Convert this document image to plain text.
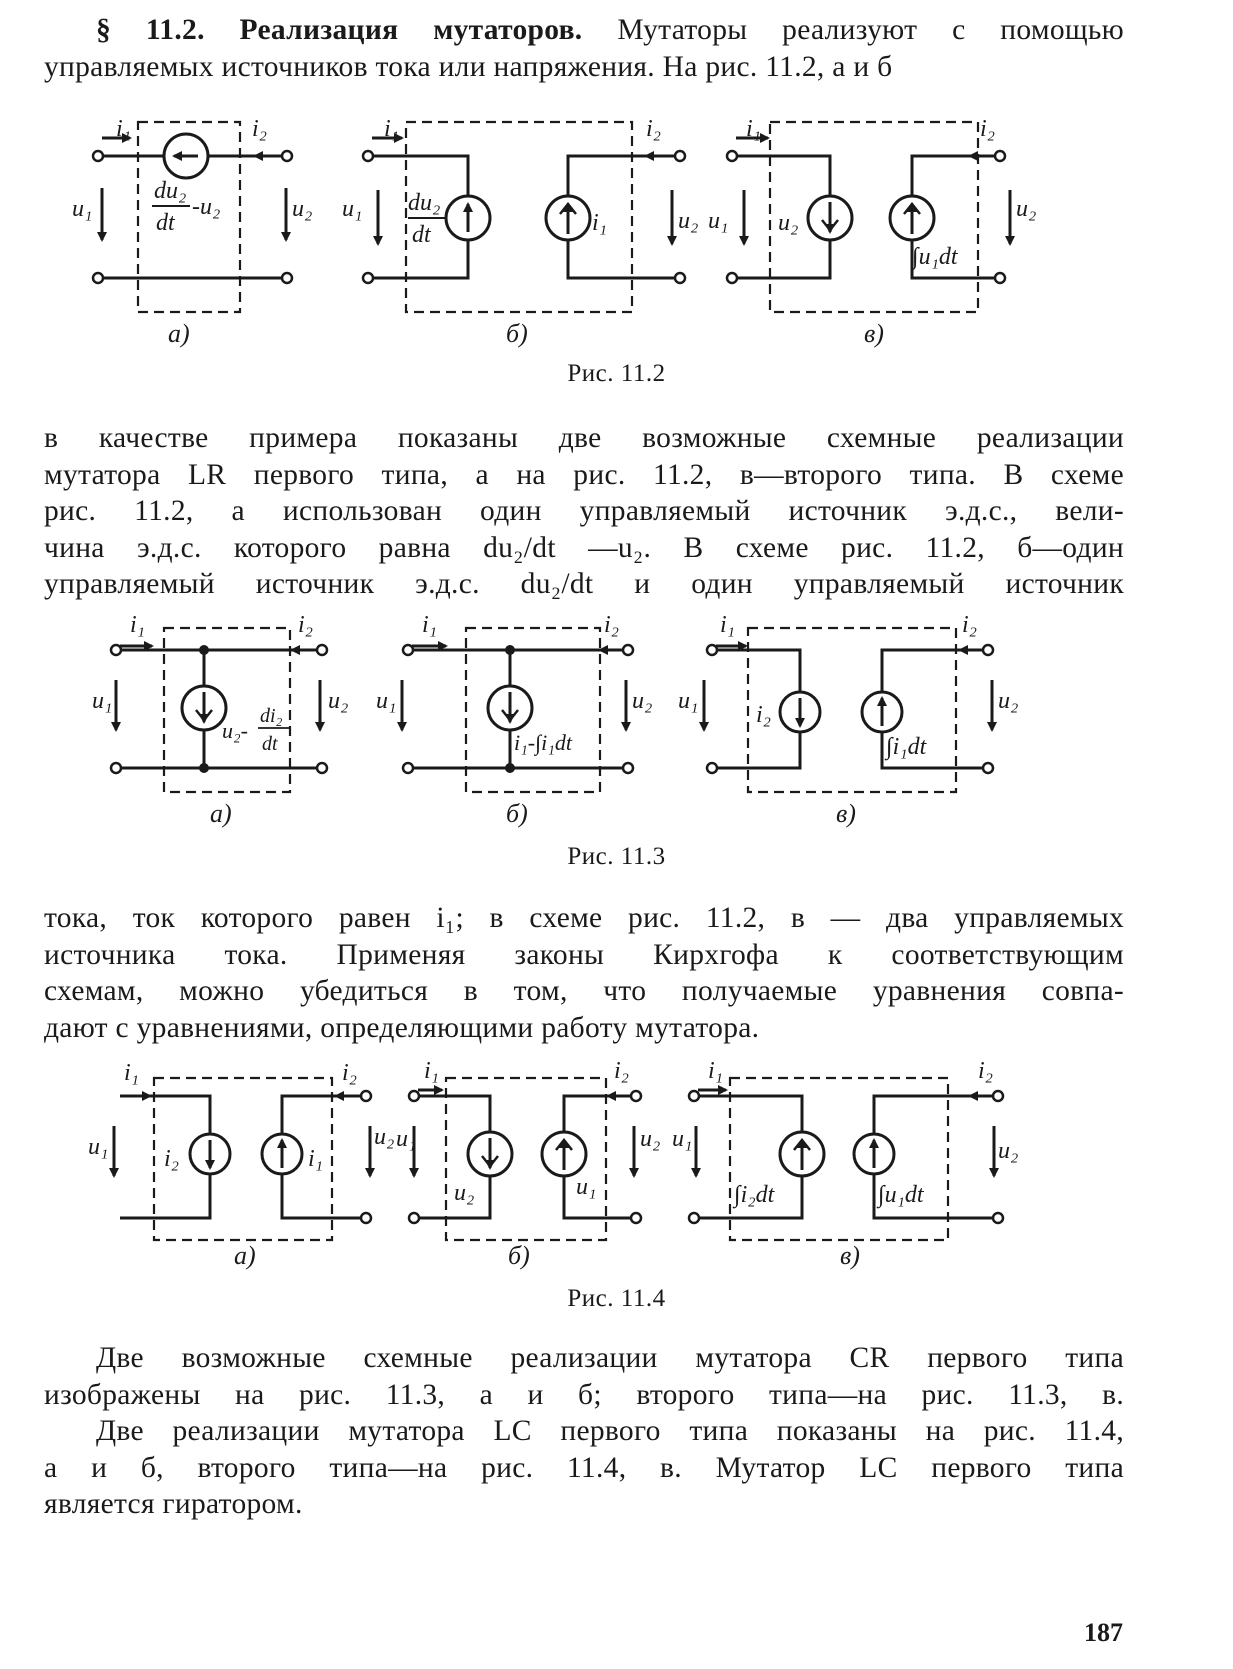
§ 11.2. Реализация мутаторов. Мутаторы реализуют с помощью
управляемых источников тока или напряжения. На рис. 11.2, а и б
i₁	i₂
u₁	u₂
du₂
dt
-u₂
а)
i₁	i₂
u₁	u₂
du₂
dt	i₁
б)
i₁	i₂
u₁	u₂
u₂
∫u₁dt
в)
Рис. 11.2
в качестве примера показаны две возможные схемные реализации
мутатора LR первого типа, а на рис. 11.2, в—второго типа. В схеме
рис. 11.2, а использован один управляемый источник э.д.с., вели-
чина э.д.с. которого равна du₂/dt —u₂. В схеме рис. 11.2, б—один
управляемый источник э.д.с. du₂/dt и один управляемый источник
i₁	i₂
u₁	u₂
u₂-
di₂
dt
а)
i₁	i₂
u₁	u₂
i₁-∫i₁dt
б)
i₁	i₂
u₁	u₂
i₂
∫i₁dt
в)
Рис. 11.3
тока, ток которого равен i₁; в схеме рис. 11.2, в — два управляемых
источника тока. Применяя законы Кирхгофа к соответствующим
схемам, можно убедиться в том, что получаемые уравнения совпа-
дают с уравнениями, определяющими работу мутатора.
i₁	i₂
u₁	u₂
i₂	i₁
а)
i₁	i₂
u₁	u₂
u₂	u₁
б)
i₁	i₂
u₁	u₂
∫i₂dt	∫u₁dt
в)
Рис. 11.4
Две возможные схемные реализации мутатора CR первого типа
изображены на рис. 11.3, а и б; второго типа—на рис. 11.3, в.
Две реализации мутатора LC первого типа показаны на рис. 11.4,
а и б, второго типа—на рис. 11.4, в. Мутатор LC первого типа
является гиратором.
187
